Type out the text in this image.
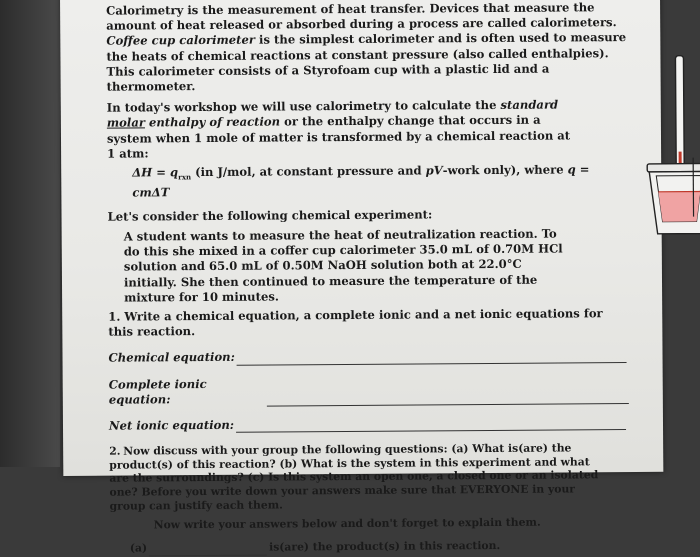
Calorimetry is the measurement of heat transfer. Devices that measure the amount of heat released or absorbed during a process are called calorimeters. Coffee cup calorimeter is the simplest calorimeter and is often used to measure the heats of chemical reactions at constant pressure (also called enthalpies). This calorimeter consists of a Styrofoam cup with a plastic lid and a thermometer.

In today's workshop we will use calorimetry to calculate the standard molar enthalpy of reaction or the enthalpy change that occurs in a system when 1 mole of matter is transformed by a chemical reaction at 1 atm:

$\Delta H = q_{rxn}$ (in J/mol, at constant pressure and pV-work only), where q = cmΔT

Let's consider the following chemical experiment:

A student wants to measure the heat of neutralization reaction. To do this she mixed in a coffer cup calorimeter 35.0 mL of 0.70M HCl solution and 65.0 mL of 0.50M NaOH solution both at 22.0°C initially. She then continued to measure the temperature of the mixture for 10 minutes.

1. Write a chemical equation, a complete ionic and a net ionic equations for this reaction.

Chemical equation:
Complete ionic equation:
Net ionic equation:

2. Now discuss with your group the following questions: (a) What is(are) the product(s) of this reaction? (b) What is the system in this experiment and what are the surroundings? (c) Is this system an open one, a closed one or an isolated one? Before you write down your answers make sure that EVERYONE in your group can justify each them.

Now write your answers below and don't forget to explain them.

(a)	is(are) the product(s) in this reaction.
